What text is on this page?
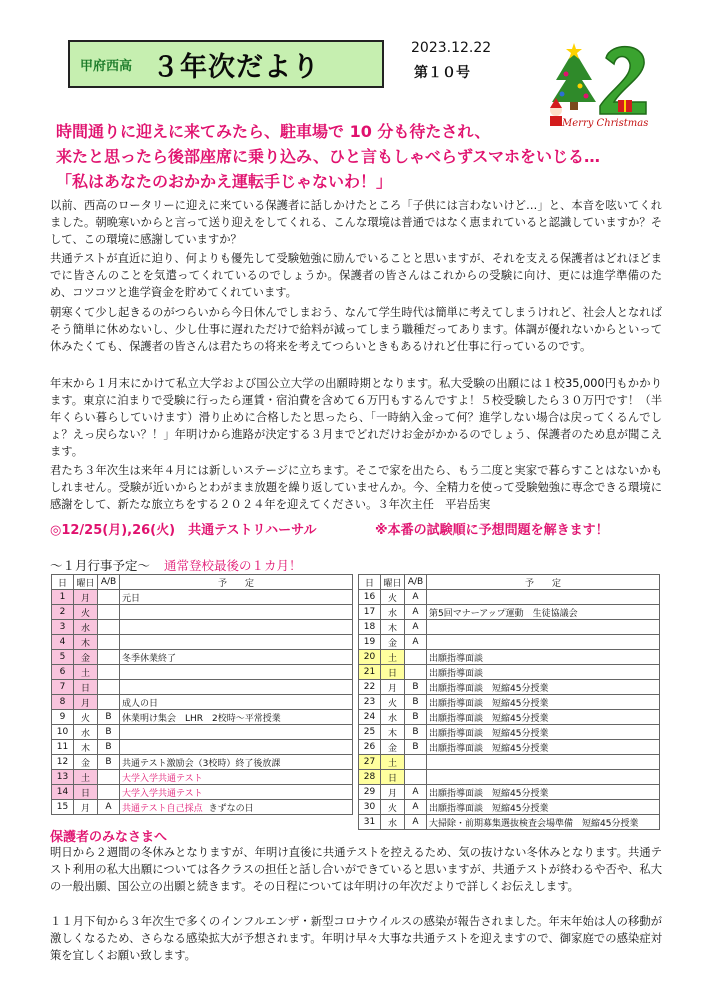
甲府西高 ３年次だより
2023.12.22
第１０号
Merry Christmas
時間通りに迎えに来てみたら、駐車場で 10 分も待たされ、
来たと思ったら後部座席に乗り込み、ひと言もしゃべらずスマホをいじる…
「私はあなたのおかかえ運転手じゃないわ！」
以前、西高のロータリーに迎えに来ている保護者に話しかけたところ「子供には言わないけど…」と、本音を呟いてくれました。朝晩寒いからと言って送り迎えをしてくれる、こんな環境は普通ではなく恵まれていると認識していますか？そして、この環境に感謝していますか？
共通テストが直近に迫り、何よりも優先して受験勉強に励んでいることと思いますが、それを支える保護者はどれほどまでに皆さんのことを気遣ってくれているのでしょうか。保護者の皆さんはこれからの受験に向け、更には進学準備のため、コツコツと進学資金を貯めてくれています。
朝寒くて少し起きるのがつらいから今日休んでしまおう、なんて学生時代は簡単に考えてしまうけれど、社会人となればそう簡単に休めないし、少し仕事に遅れただけで給料が減ってしまう職種だってあります。体調が優れないからといって休みたくても、保護者の皆さんは君たちの将来を考えてつらいときもあるけれど仕事に行っているのです。
年末から１月末にかけて私立大学および国公立大学の出願時期となります。私大受験の出願には１校35,000円もかかります。東京に泊まりで受験に行ったら運賃・宿泊費を含めて６万円もするんですよ！５校受験したら３０万円です！（半年くらい暮らしていけます）滑り止めに合格したと思ったら、「一時納入金って何？進学しない場合は戻ってくるんでしょ？えっ戻らない？！」年明けから進路が決定する３月までどれだけお金がかかるのでしょう、保護者のため息が聞こえます。
君たち３年次生は来年４月には新しいステージに立ちます。そこで家を出たら、もう二度と実家で暮らすことはないかもしれません。受験が近いからとわがまま放題を繰り返していませんか。今、全精力を使って受験勉強に専念できる環境に感謝をして、新たな旅立ちをする２０２４年を迎えてください。３年次主任　平岩岳実
◎12/25(月),26(火)　共通テストリハーサル	※本番の試験順に予想問題を解きます！
～１月行事予定～ 通常登校最後の１カ月！
日	曜日	A/B	予　　定
1	月		元日
2	火		
3	水		
4	木		
5	金		冬季休業終了
6	土		
7	日		
8	月		成人の日
9	火	B	休業明け集会　LHR　2校時～平常授業
10	水	B	
11	木	B	
12	金	B	共通テスト激励会（3校時）終了後放課
13	土		大学入学共通テスト
14	日		大学入学共通テスト
15	月	A	共通テスト自己採点 きずなの日
日	曜日	A/B	予　　定
16	火	A	
17	水	A	第5回マナーアップ運動　生徒協議会
18	木	A	
19	金	A	
20	土		出願指導面談
21	日		出願指導面談
22	月	B	出願指導面談　短縮45分授業
23	火	B	出願指導面談　短縮45分授業
24	水	B	出願指導面談　短縮45分授業
25	木	B	出願指導面談　短縮45分授業
26	金	B	出願指導面談　短縮45分授業
27	土		
28	日		
29	月	A	出願指導面談　短縮45分授業
30	火	A	出願指導面談　短縮45分授業
31	水	A	大掃除・前期募集選抜検査会場準備　短縮45分授業
保護者のみなさまへ
明日から２週間の冬休みとなりますが、年明け直後に共通テストを控えるため、気の抜けない冬休みとなります。共通テスト利用の私大出願については各クラスの担任と話し合いができていると思いますが、共通テストが終わるや否や、私大の一般出願、国公立の出願と続きます。その日程については年明けの年次だよりで詳しくお伝えします。
１１月下旬から３年次生で多くのインフルエンザ・新型コロナウイルスの感染が報告されました。年末年始は人の移動が激しくなるため、さらなる感染拡大が予想されます。年明け早々大事な共通テストを迎えますので、御家庭での感染症対策を宜しくお願い致します。
